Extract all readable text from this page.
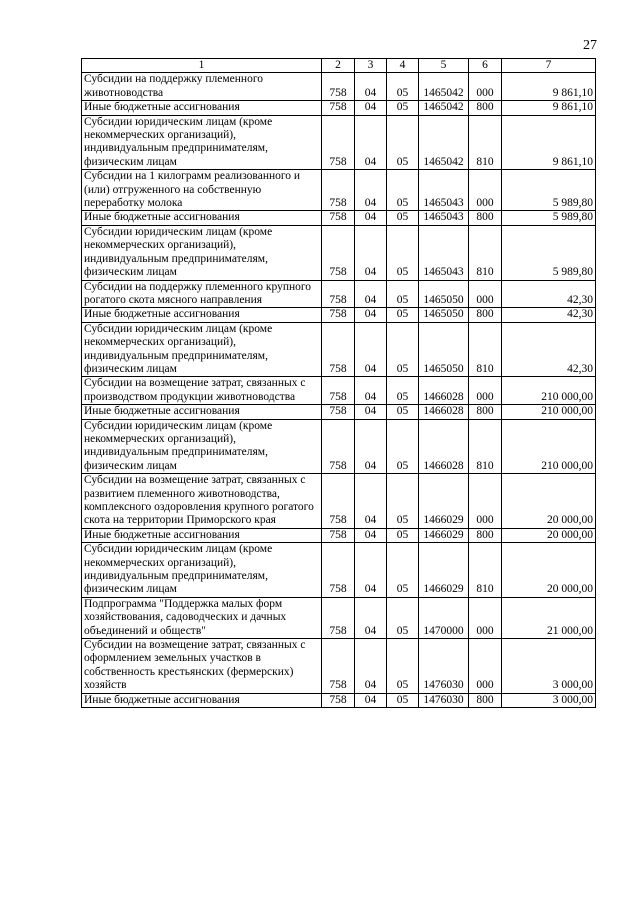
27
1	2	3	4	5	6	7
Субсидии на поддержку племенного животноводства	758	04	05	1465042	000	9 861,10
Иные бюджетные ассигнования	758	04	05	1465042	800	9 861,10
Субсидии юридическим лицам (кроме некоммерческих организаций), индивидуальным предпринимателям, физическим лицам	758	04	05	1465042	810	9 861,10
Субсидии на 1 килограмм реализованного и (или) отгруженного на собственную переработку молока	758	04	05	1465043	000	5 989,80
Иные бюджетные ассигнования	758	04	05	1465043	800	5 989,80
Субсидии юридическим лицам (кроме некоммерческих организаций), индивидуальным предпринимателям, физическим лицам	758	04	05	1465043	810	5 989,80
Субсидии на поддержку племенного крупного рогатого скота мясного направления	758	04	05	1465050	000	42,30
Иные бюджетные ассигнования	758	04	05	1465050	800	42,30
Субсидии юридическим лицам (кроме некоммерческих организаций), индивидуальным предпринимателям, физическим лицам	758	04	05	1465050	810	42,30
Субсидии на возмещение затрат, связанных с производством продукции животноводства	758	04	05	1466028	000	210 000,00
Иные бюджетные ассигнования	758	04	05	1466028	800	210 000,00
Субсидии юридическим лицам (кроме некоммерческих организаций), индивидуальным предпринимателям, физическим лицам	758	04	05	1466028	810	210 000,00
Субсидии на возмещение затрат, связанных с развитием племенного животноводства, комплексного оздоровления крупного рогатого скота на территории Приморского края	758	04	05	1466029	000	20 000,00
Иные бюджетные ассигнования	758	04	05	1466029	800	20 000,00
Субсидии юридическим лицам (кроме некоммерческих организаций), индивидуальным предпринимателям, физическим лицам	758	04	05	1466029	810	20 000,00
Подпрограмма "Поддержка малых форм хозяйствования, садоводческих и дачных объединений и обществ"	758	04	05	1470000	000	21 000,00
Субсидии на возмещение затрат, связанных с оформлением земельных участков в собственность крестьянских (фермерских) хозяйств	758	04	05	1476030	000	3 000,00
Иные бюджетные ассигнования	758	04	05	1476030	800	3 000,00
